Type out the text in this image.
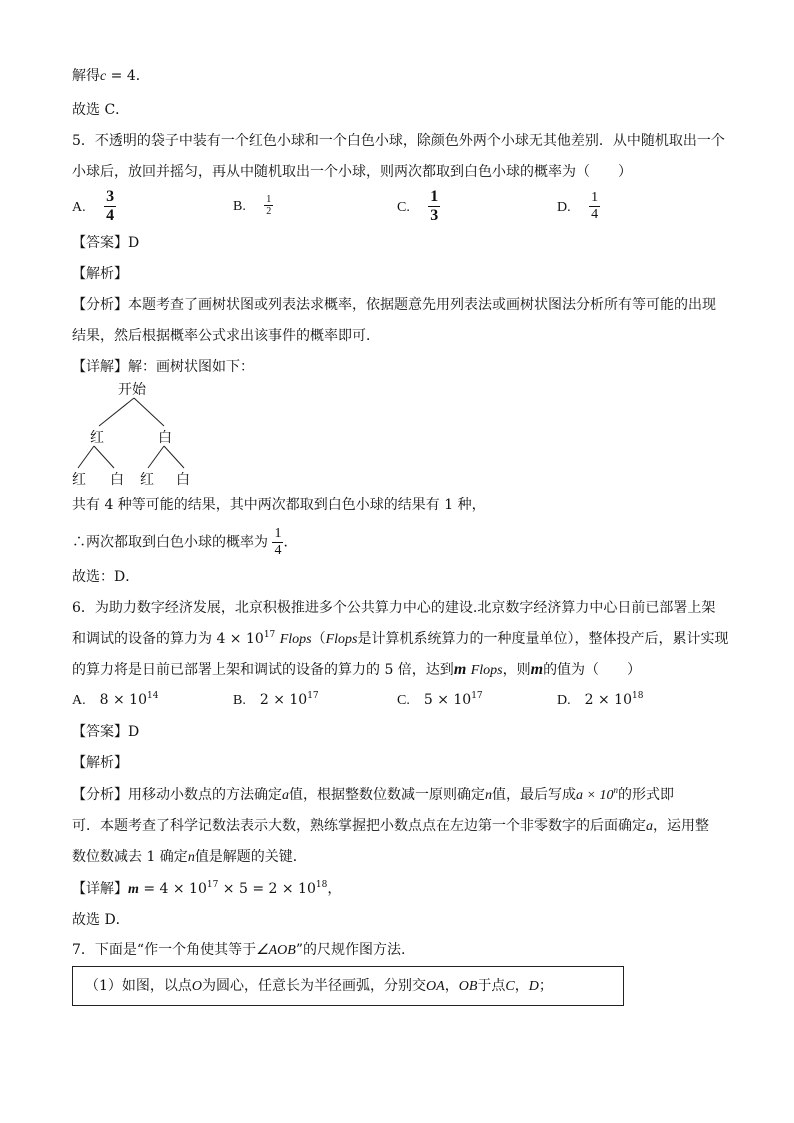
解得c = 4．
故选 C．
5．不透明的袋子中装有一个红色小球和一个白色小球，除颜色外两个小球无其他差别．从中随机取出一个
小球后，放回并摇匀，再从中随机取出一个小球，则两次都取到白色小球的概率为（　　）
A. $\frac{3}{4}$	B. $\frac{1}{2}$	C. $\frac{1}{3}$	D. $\frac{1}{4}$
【答案】D
【解析】
【分析】本题考查了画树状图或列表法求概率，依据题意先用列表法或画树状图法分析所有等可能的出现
结果，然后根据概率公式求出该事件的概率即可．
【详解】解：画树状图如下：
开始
红	白
红 白 红 白
共有 4 种等可能的结果，其中两次都取到白色小球的结果有 1 种，
∴两次都取到白色小球的概率为 $\frac{1}{4}$ ．
故选：D．
6．为助力数字经济发展，北京积极推进多个公共算力中心的建设.北京数字经济算力中心日前已部署上架
和调试的设备的算力为 $4 \times 10^{17}$ Flops（Flops是计算机系统算力的一种度量单位），整体投产后，累计实现
的算力将是日前已部署上架和调试的设备的算力的 5 倍，达到m Flops，则m的值为（　　）
A. $8 \times 10^{14}$	B. $2 \times 10^{17}$	C. $5 \times 10^{17}$	D. $2 \times 10^{18}$
【答案】D
【解析】
【分析】用移动小数点的方法确定a值，根据整数位数减一原则确定n值，最后写成$a \times 10^n$的形式即
可．本题考查了科学记数法表示大数，熟练掌握把小数点点在左边第一个非零数字的后面确定a，运用整
数位数减去 1 确定n值是解题的关键．
【详解】$m = 4 \times 10^{17} \times 5 = 2 \times 10^{18}$，
故选 D．
7．下面是“作一个角使其等于∠AOB”的尺规作图方法.
（1）如图，以点O为圆心，任意长为半径画弧，分别交OA，OB于点C，D；
